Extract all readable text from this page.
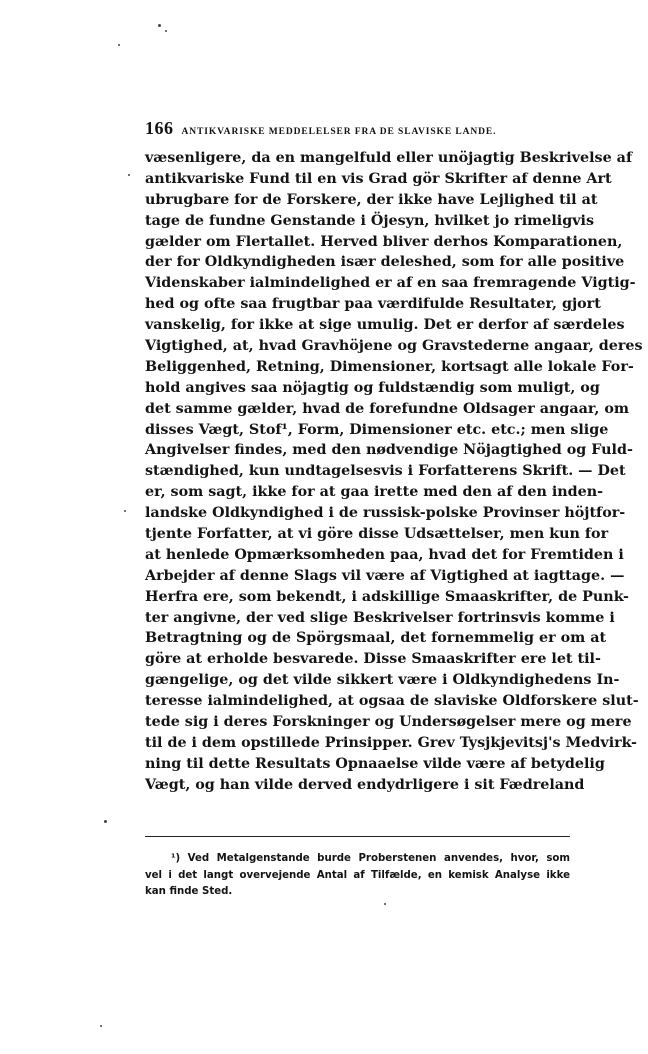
166 ANTIKVARISKE MEDDELELSER FRA DE SLAVISKE LANDE.
væsenligere, da en mangelfuld eller unöjagtig Beskrivelse af
antikvariske Fund til en vis Grad gör Skrifter af denne Art
ubrugbare for de Forskere, der ikke have Lejlighed til at
tage de fundne Genstande i Öjesyn, hvilket jo rimeligvis
gælder om Flertallet. Herved bliver derhos Komparationen,
der for Oldkyndigheden især deleshed, som for alle positive
Videnskaber ialmindelighed er af en saa fremragende Vigtig-
hed og ofte saa frugtbar paa værdifulde Resultater, gjort
vanskelig, for ikke at sige umulig. Det er derfor af særdeles
Vigtighed, at, hvad Gravhöjene og Gravstederne angaar, deres
Beliggenhed, Retning, Dimensioner, kortsagt alle lokale For-
hold angives saa nöjagtig og fuldstændig som muligt, og
det samme gælder, hvad de forefundne Oldsager angaar, om
disses Vægt, Stof¹, Form, Dimensioner etc. etc.; men slige
Angivelser findes, med den nødvendige Nöjagtighed og Fuld-
stændighed, kun undtagelsesvis i Forfatterens Skrift. — Det
er, som sagt, ikke for at gaa irette med den af den inden-
landske Oldkyndighed i de russisk-polske Provinser höjtfor-
tjente Forfatter, at vi göre disse Udsættelser, men kun for
at henlede Opmærksomheden paa, hvad det for Fremtiden i
Arbejder af denne Slags vil være af Vigtighed at iagttage. —
Herfra ere, som bekendt, i adskillige Smaaskrifter, de Punk-
ter angivne, der ved slige Beskrivelser fortrinsvis komme i
Betragtning og de Spörgsmaal, det fornemmelig er om at
göre at erholde besvarede. Disse Smaaskrifter ere let til-
gængelige, og det vilde sikkert være i Oldkyndighedens In-
teresse ialmindelighed, at ogsaa de slaviske Oldforskere slut-
tede sig i deres Forskninger og Undersøgelser mere og mere
til de i dem opstillede Prinsipper. Grev Tysjkjevitsj's Medvirk-
ning til dette Resultats Opnaaelse vilde være af betydelig
Vægt, og han vilde derved endydrligere i sit Fædreland
¹) Ved Metalgenstande burde Proberstenen anvendes, hvor, som
vel i det langt overvejende Antal af Tilfælde, en kemisk Analyse ikke
kan finde Sted.
